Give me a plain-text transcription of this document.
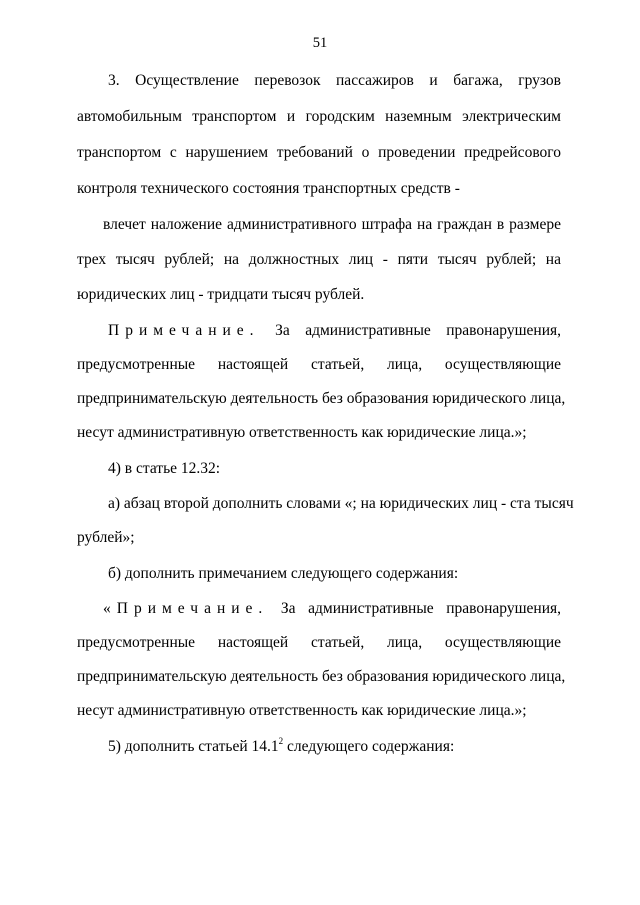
51
3. Осуществление перевозок пассажиров и багажа, грузов
автомобильным транспортом и городским наземным электрическим
транспортом с нарушением требований о проведении предрейсового
контроля технического состояния транспортных средств -
влечет наложение административного штрафа на граждан в размере
трех тысяч рублей; на должностных лиц - пяти тысяч рублей; на
юридических лиц - тридцати тысяч рублей.
Примечание. За административные правонарушения,
предусмотренные настоящей статьей, лица, осуществляющие
предпринимательскую деятельность без образования юридического лица,
несут административную ответственность как юридические лица.»;
4) в статье 12.32:
а) абзац второй дополнить словами «; на юридических лиц - ста тысяч
рублей»;
б) дополнить примечанием следующего содержания:
«Примечание. За административные правонарушения,
предусмотренные настоящей статьей, лица, осуществляющие
предпринимательскую деятельность без образования юридического лица,
несут административную ответственность как юридические лица.»;
5) дополнить статьей 14.1$^2$ следующего содержания:
